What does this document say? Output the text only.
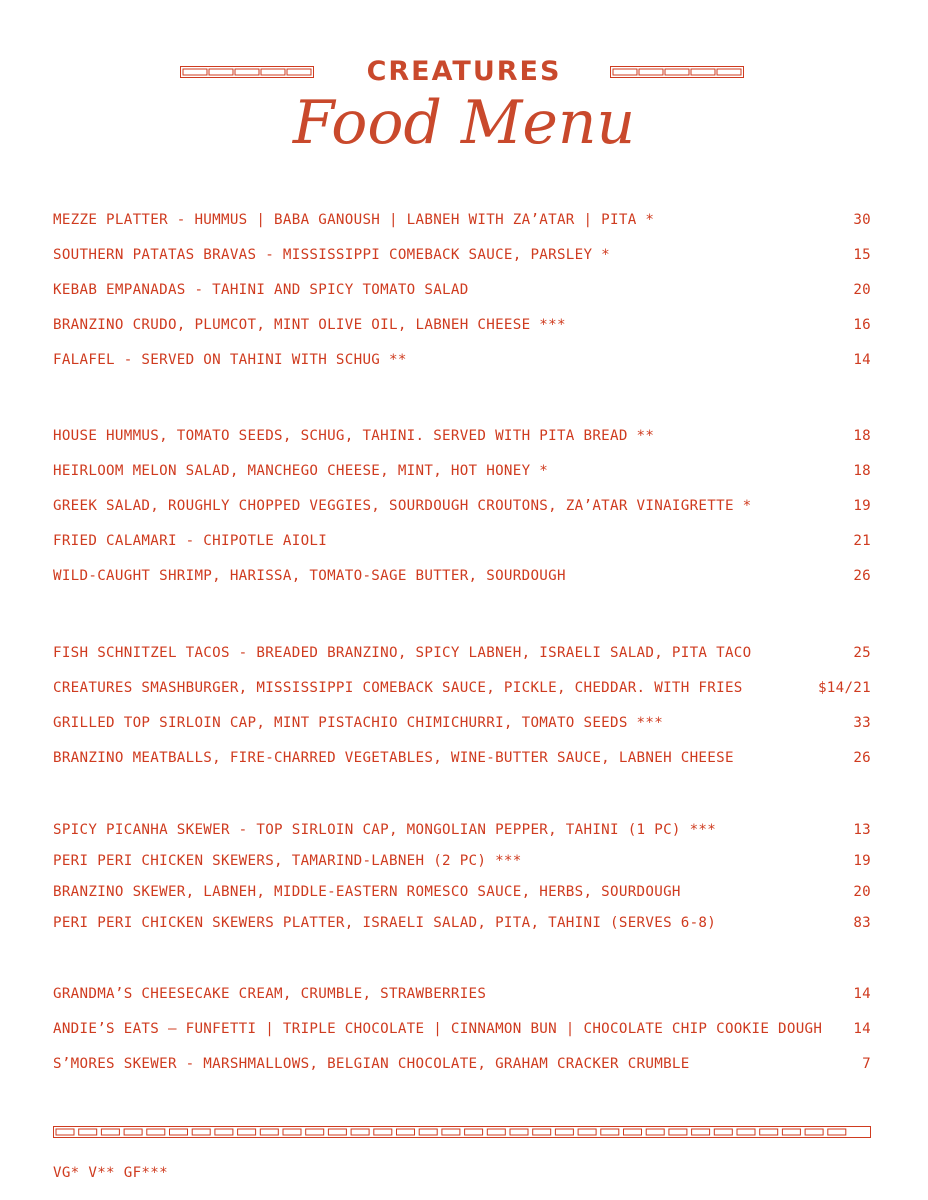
CREATURES
Food Menu
MEZZE PLATTER - HUMMUS | BABA GANOUSH | LABNEH WITH ZA’ATAR | PITA *	30
SOUTHERN PATATAS BRAVAS - MISSISSIPPI COMEBACK SAUCE, PARSLEY *	15
KEBAB EMPANADAS - TAHINI AND SPICY TOMATO SALAD	20
BRANZINO CRUDO, PLUMCOT, MINT OLIVE OIL, LABNEH CHEESE ***	16
FALAFEL - SERVED ON TAHINI WITH SCHUG **	14
HOUSE HUMMUS, TOMATO SEEDS, SCHUG, TAHINI. SERVED WITH PITA BREAD **	18
HEIRLOOM MELON SALAD, MANCHEGO CHEESE, MINT, HOT HONEY *	18
GREEK SALAD, ROUGHLY CHOPPED VEGGIES, SOURDOUGH CROUTONS, ZA’ATAR VINAIGRETTE *	19
FRIED CALAMARI - CHIPOTLE AIOLI	21
WILD-CAUGHT SHRIMP, HARISSA, TOMATO-SAGE BUTTER, SOURDOUGH	26
FISH SCHNITZEL TACOS - BREADED BRANZINO, SPICY LABNEH, ISRAELI SALAD, PITA TACO	25
CREATURES SMASHBURGER, MISSISSIPPI COMEBACK SAUCE, PICKLE, CHEDDAR. WITH FRIES	$14/21
GRILLED TOP SIRLOIN CAP, MINT PISTACHIO CHIMICHURRI, TOMATO SEEDS ***	33
BRANZINO MEATBALLS, FIRE-CHARRED VEGETABLES, WINE-BUTTER SAUCE, LABNEH CHEESE	26
SPICY PICANHA SKEWER - TOP SIRLOIN CAP, MONGOLIAN PEPPER, TAHINI (1 PC) ***	13
PERI PERI CHICKEN SKEWERS, TAMARIND-LABNEH (2 PC) ***	19
BRANZINO SKEWER, LABNEH, MIDDLE-EASTERN ROMESCO SAUCE, HERBS, SOURDOUGH	20
PERI PERI CHICKEN SKEWERS PLATTER, ISRAELI SALAD, PITA, TAHINI (SERVES 6-8)	83
GRANDMA’S CHEESECAKE CREAM, CRUMBLE, STRAWBERRIES	14
ANDIE’S EATS – FUNFETTI | TRIPLE CHOCOLATE | CINNAMON BUN | CHOCOLATE CHIP COOKIE DOUGH 14
S’MORES SKEWER - MARSHMALLOWS, BELGIAN CHOCOLATE, GRAHAM CRACKER CRUMBLE	7
VG* V** GF***
